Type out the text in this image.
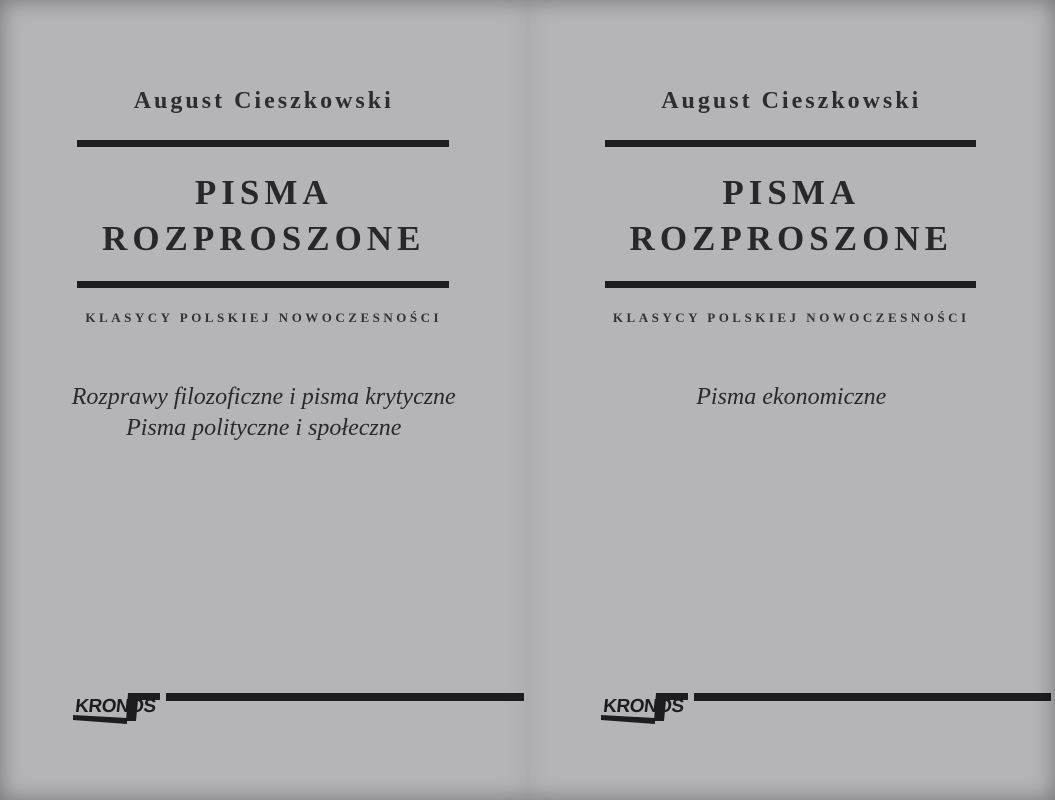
August Cieszkowski
PISMA
ROZPROSZONE
KLASYCY POLSKIEJ NOWOCZESNOŚCI
Rozprawy filozoficzne i pisma krytyczne
Pisma polityczne i społeczne
KRONOS
August Cieszkowski
PISMA
ROZPROSZONE
KLASYCY POLSKIEJ NOWOCZESNOŚCI
Pisma ekonomiczne
KRONOS
